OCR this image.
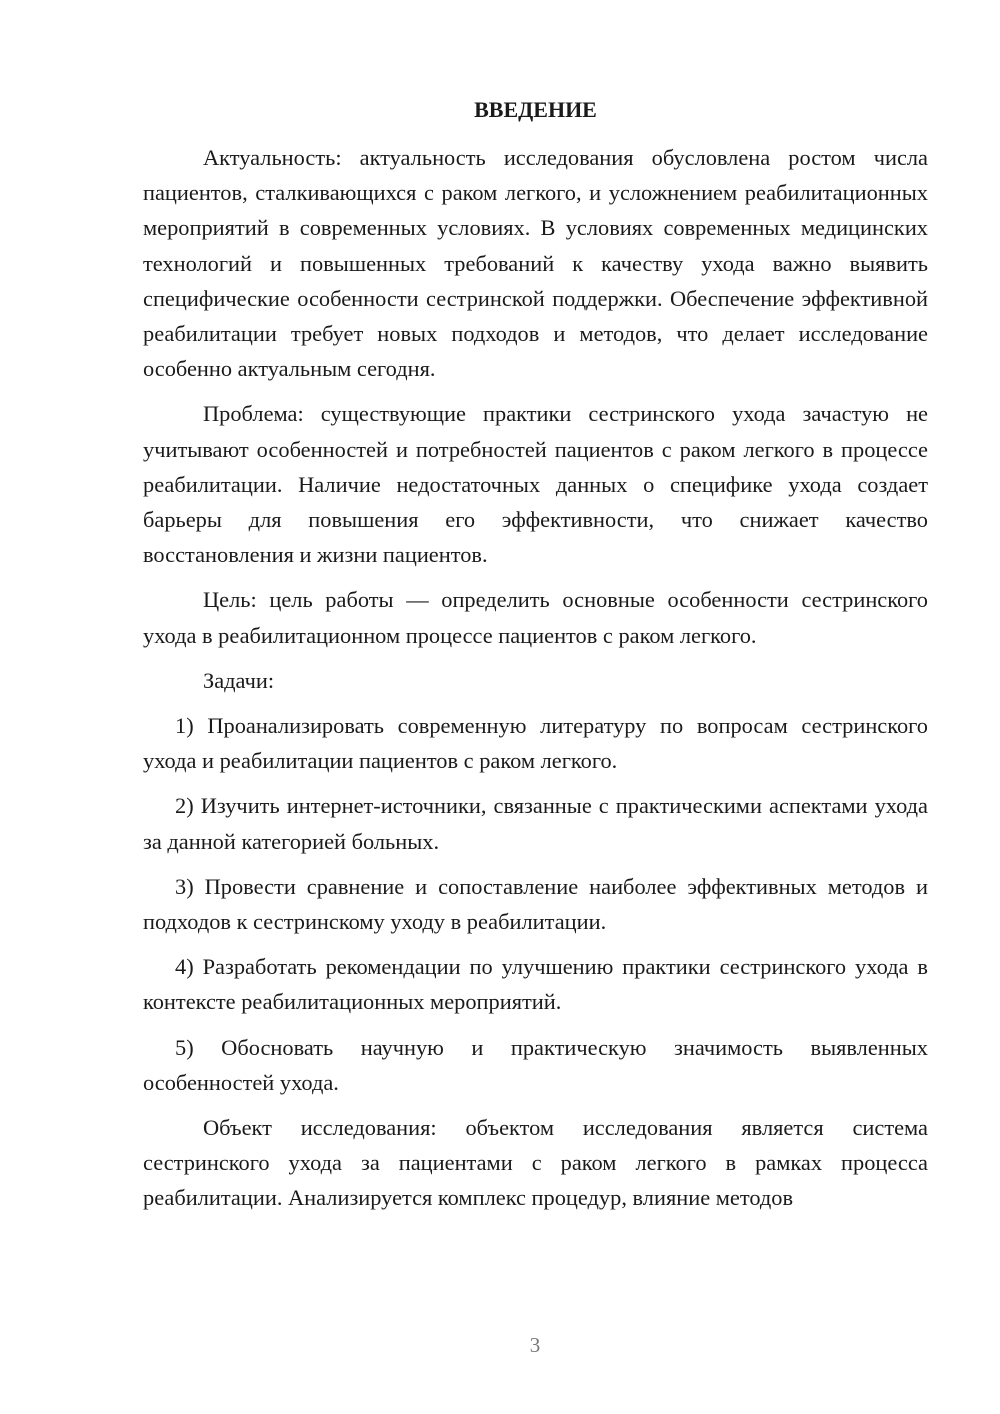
ВВЕДЕНИЕ

Актуальность: актуальность исследования обусловлена ростом числа пациентов, сталкивающихся с раком легкого, и усложнением реабилитационных мероприятий в современных условиях. В условиях современных медицинских технологий и повышенных требований к качеству ухода важно выявить специфические особенности сестринской поддержки. Обеспечение эффективной реабилитации требует новых подходов и методов, что делает исследование особенно актуальным сегодня.

Проблема: существующие практики сестринского ухода зачастую не учитывают особенностей и потребностей пациентов с раком легкого в процессе реабилитации. Наличие недостаточных данных о специфике ухода создает барьеры для повышения его эффективности, что снижает качество восстановления и жизни пациентов.

Цель: цель работы — определить основные особенности сестринского ухода в реабилитационном процессе пациентов с раком легкого.

Задачи:

1) Проанализировать современную литературу по вопросам сестринского ухода и реабилитации пациентов с раком легкого.

2) Изучить интернет-источники, связанные с практическими аспектами ухода за данной категорией больных.

3) Провести сравнение и сопоставление наиболее эффективных методов и подходов к сестринскому уходу в реабилитации.

4) Разработать рекомендации по улучшению практики сестринского ухода в контексте реабилитационных мероприятий.

5) Обосновать научную и практическую значимость выявленных особенностей ухода.

Объект исследования: объектом исследования является система сестринского ухода за пациентами с раком легкого в рамках процесса реабилитации. Анализируется комплекс процедур, влияние методов

3
